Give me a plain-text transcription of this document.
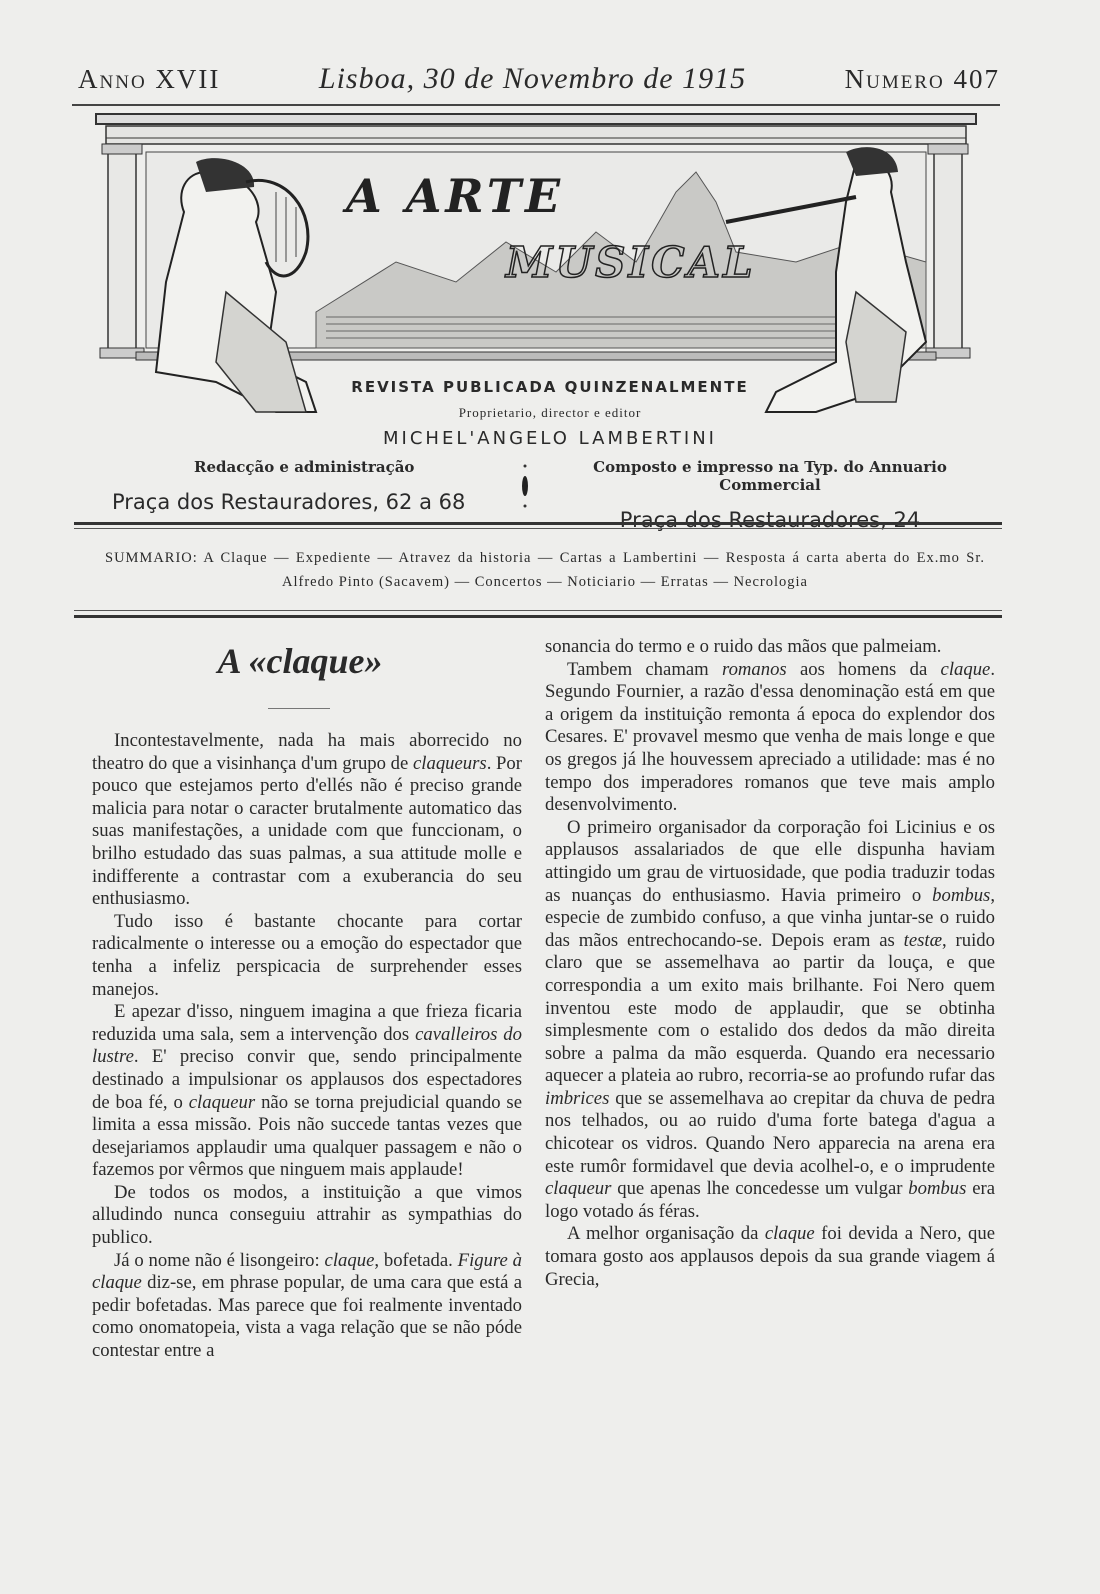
Anno XVII	Lisboa, 30 de Novembro de 1915	Numero 407
A ARTE
MUSICAL
REVISTA PUBLICADA QUINZENALMENTE
Proprietario, director e editor
MICHEL'ANGELO LAMBERTINI
Redacção e administração
Praça dos Restauradores, 62 a 68
Composto e impresso na Typ. do Annuario Commercial
Praça dos Restauradores, 24
SUMMARIO: A Claque — Expediente — Atravez da historia — Cartas a Lambertini — Resposta á carta aberta do Ex.mo Sr. Alfredo Pinto (Sacavem) — Concertos — Noticiario — Erratas — Necrologia
A «claque»

Incontestavelmente, nada ha mais aborrecido no theatro do que a visinhança d'um grupo de claqueurs. Por pouco que estejamos perto d'ellés não é preciso grande malicia para notar o caracter brutalmente automatico das suas manifestações, a unidade com que funccionam, o brilho estudado das suas palmas, a sua attitude molle e indifferente a contrastar com a exuberancia do seu enthusiasmo.

Tudo isso é bastante chocante para cortar radicalmente o interesse ou a emoção do espectador que tenha a infeliz perspicacia de surprehender esses manejos.

E apezar d'isso, ninguem imagina a que frieza ficaria reduzida uma sala, sem a intervenção dos cavalleiros do lustre. E' preciso convir que, sendo principalmente destinado a impulsionar os applausos dos espectadores de boa fé, o claqueur não se torna prejudicial quando se limita a essa missão. Pois não succede tantas vezes que desejariamos applaudir uma qualquer passagem e não o fazemos por vêrmos que ninguem mais applaude!

De todos os modos, a instituição a que vimos alludindo nunca conseguiu attrahir as sympathias do publico.

Já o nome não é lisongeiro: claque, bofetada. Figure à claque diz-se, em phrase popular, de uma cara que está a pedir bofetadas. Mas parece que foi realmente inventado como onomatopeia, vista a vaga relação que se não póde contestar entre a

sonancia do termo e o ruido das mãos que palmeiam.

Tambem chamam romanos aos homens da claque. Segundo Fournier, a razão d'essa denominação está em que a origem da instituição remonta á epoca do explendor dos Cesares. E' provavel mesmo que venha de mais longe e que os gregos já lhe houvessem apreciado a utilidade: mas é no tempo dos imperadores romanos que teve mais amplo desenvolvimento.

O primeiro organisador da corporação foi Licinius e os applausos assalariados de que elle dispunha haviam attingido um grau de virtuosidade, que podia traduzir todas as nuanças do enthusiasmo. Havia primeiro o bombus, especie de zumbido confuso, a que vinha juntar-se o ruido das mãos entrechocando-se. Depois eram as testæ, ruido claro que se assemelhava ao partir da louça, e que correspondia a um exito mais brilhante. Foi Nero quem inventou este modo de applaudir, que se obtinha simplesmente com o estalido dos dedos da mão direita sobre a palma da mão esquerda. Quando era necessario aquecer a plateia ao rubro, recorria-se ao profundo rufar das imbrices que se assemelhava ao crepitar da chuva de pedra nos telhados, ou ao ruido d'uma forte bategа d'agua a chicotear os vidros. Quando Nero apparecia na arena era este rumôr formidavel que devia acolhel-o, e o imprudente claqueur que apenas lhe concedesse um vulgar bombus era logo votado ás féras.

A melhor organisação da claque foi devida a Nero, que tomara gosto aos applausos depois da sua grande viagem á Grecia,
